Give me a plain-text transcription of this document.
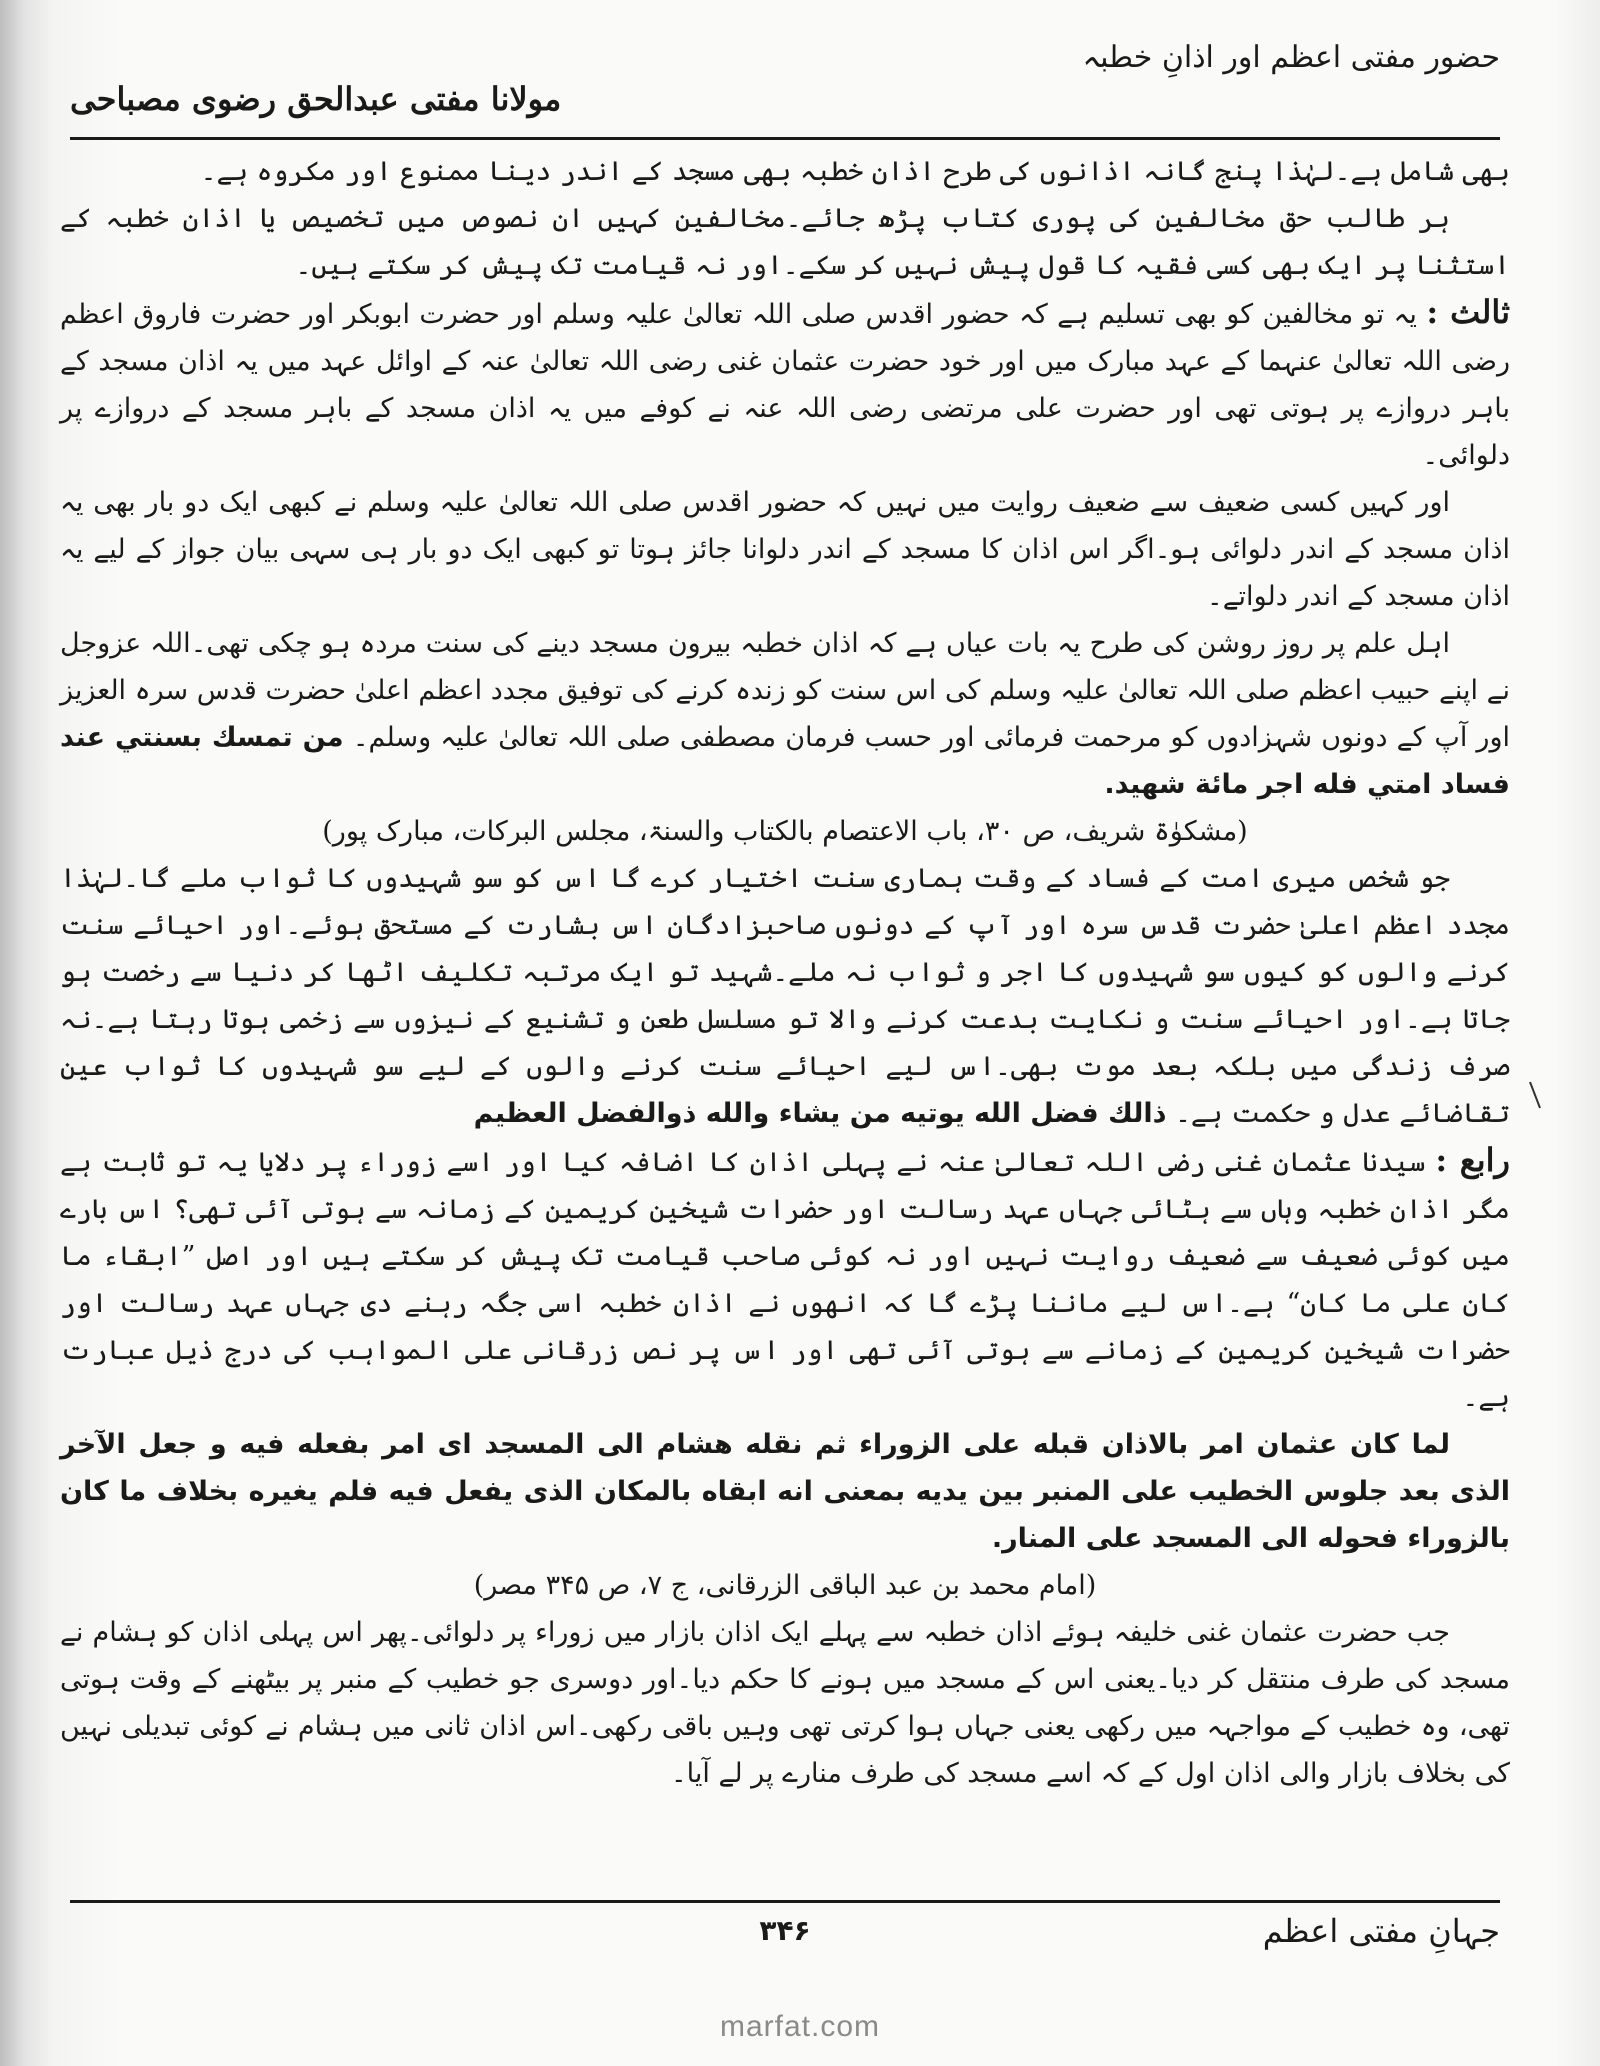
حضور مفتی اعظم اور اذانِ خطبہ
مولانا مفتی عبدالحق رضوی مصباحی

بھی شامل ہے۔لہٰذا پنج گانہ اذانوں کی طرح اذان خطبہ بھی مسجد کے اندر دینا ممنوع اور مکروہ ہے۔

ہر طالب حق مخالفین کی پوری کتاب پڑھ جائے۔مخالفین کہیں ان نصوص میں تخصیص یا اذان خطبہ کے استثنا پر ایک بھی کسی فقیہ کا قول پیش نہیں کر سکے۔اور نہ قیامت تک پیش کر سکتے ہیں۔

ثالث : یہ تو مخالفین کو بھی تسلیم ہے کہ حضور اقدس صلی اللہ تعالیٰ علیہ وسلم اور حضرت ابوبکر اور حضرت فاروق اعظم رضی اللہ تعالیٰ عنہما کے عہد مبارک میں اور خود حضرت عثمان غنی رضی اللہ تعالیٰ عنہ کے اوائل عہد میں یہ اذان مسجد کے باہر دروازے پر ہوتی تھی اور حضرت علی مرتضی رضی اللہ عنہ نے کوفے میں یہ اذان مسجد کے باہر مسجد کے دروازے پر دلوائی۔

اور کہیں کسی ضعیف سے ضعیف روایت میں نہیں کہ حضور اقدس صلی اللہ تعالیٰ علیہ وسلم نے کبھی ایک دو بار بھی یہ اذان مسجد کے اندر دلوائی ہو۔اگر اس اذان کا مسجد کے اندر دلوانا جائز ہوتا تو کبھی ایک دو بار ہی سہی بیان جواز کے لیے یہ اذان مسجد کے اندر دلواتے۔

اہل علم پر روز روشن کی طرح یہ بات عیاں ہے کہ اذان خطبہ بیرون مسجد دینے کی سنت مردہ ہو چکی تھی۔اللہ عزوجل نے اپنے حبیب اعظم صلی اللہ تعالیٰ علیہ وسلم کی اس سنت کو زندہ کرنے کی توفیق مجدد اعظم اعلیٰ حضرت قدس سرہ العزیز اور آپ کے دونوں شہزادوں کو مرحمت فرمائی اور حسب فرمان مصطفی صلی اللہ تعالیٰ علیہ وسلم۔ من تمسك بسنتي عند فساد امتي فله اجر مائة شهيد.

(مشکوٰۃ شریف، ص ۳۰، باب الاعتصام بالکتاب والسنۃ، مجلس البرکات، مبارک پور)

جو شخص میری امت کے فساد کے وقت ہماری سنت اختیار کرے گا اس کو سو شہیدوں کا ثواب ملے گا۔لہٰذا مجدد اعظم اعلیٰ حضرت قدس سرہ اور آپ کے دونوں صاحبزادگان اس بشارت کے مستحق ہوئے۔اور احیائے سنت کرنے والوں کو کیوں سو شہیدوں کا اجر و ثواب نہ ملے۔شہید تو ایک مرتبہ تکلیف اٹھا کر دنیا سے رخصت ہو جاتا ہے۔اور احیائے سنت و نکایت بدعت کرنے والا تو مسلسل طعن و تشنیع کے نیزوں سے زخمی ہوتا رہتا ہے۔نہ صرف زندگی میں بلکہ بعد موت بھی۔اس لیے احیائے سنت کرنے والوں کے لیے سو شہیدوں کا ثواب عین تقاضائے عدل و حکمت ہے۔ ذالك فضل الله يوتيه من يشاء والله ذوالفضل العظيم

رابع : سیدنا عثمان غنی رضی اللہ تعالیٰ عنہ نے پہلی اذان کا اضافہ کیا اور اسے زوراء پر دلایا یہ تو ثابت ہے مگر اذان خطبہ وہاں سے ہٹائی جہاں عہد رسالت اور حضرات شیخین کریمین کے زمانہ سے ہوتی آئی تھی؟ اس بارے میں کوئی ضعیف سے ضعیف روایت نہیں اور نہ کوئی صاحب قیامت تک پیش کر سکتے ہیں اور اصل ”ابقاء ما كان على ما كان“ ہے۔اس لیے ماننا پڑے گا کہ انھوں نے اذان خطبہ اسی جگہ رہنے دی جہاں عہد رسالت اور حضرات شیخین کریمین کے زمانے سے ہوتی آئی تھی اور اس پر نص زرقانی علی المواہب کی درج ذیل عبارت ہے۔

لما كان عثمان امر بالاذان قبله على الزوراء ثم نقله هشام الى المسجد اى امر بفعله فيه و جعل الآخر الذى بعد جلوس الخطيب على المنبر بين يديه بمعنى انه ابقاه بالمكان الذى يفعل فيه فلم يغيره بخلاف ما كان بالزوراء فحوله الى المسجد على المنار.

(امام محمد بن عبد الباقی الزرقانی، ج ۷، ص ۳۴۵ مصر)

جب حضرت عثمان غنی خلیفہ ہوئے اذان خطبہ سے پہلے ایک اذان بازار میں زوراء پر دلوائی۔پھر اس پہلی اذان کو ہشام نے مسجد کی طرف منتقل کر دیا۔یعنی اس کے مسجد میں ہونے کا حکم دیا۔اور دوسری جو خطیب کے منبر پر بیٹھنے کے وقت ہوتی تھی، وہ خطیب کے مواجہہ میں رکھی یعنی جہاں ہوا کرتی تھی وہیں باقی رکھی۔اس اذان ثانی میں ہشام نے کوئی تبدیلی نہیں کی بخلاف بازار والی اذان اول کے کہ اسے مسجد کی طرف منارے پر لے آیا۔

جہانِ مفتی اعظم
۳۴۶
marfat.com
